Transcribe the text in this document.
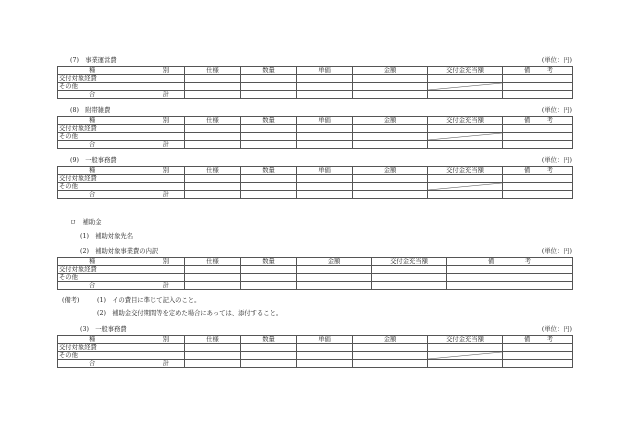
(7)　事業運営費	(単位：円)
種 別	仕様	数量	単価	金額	交付金充当額	備 考

交付対象経費						
その他					

合 計						

(8)　附帯雑費	(単位：円)
種 別	仕様	数量	単価	金額	交付金充当額	備 考

交付対象経費						
その他					

合 計						

(9)　一般事務費	(単位：円)
種 別	仕様	数量	単価	金額	交付金充当額	備 考

交付対象経費						
その他					

合 計						

ロ　補助金
(1)　補助対象先名
(2)　補助対象事業費の内訳	(単位：円)
種 別	仕様	数量	金額	交付金充当額	備 考

交付対象経費					
その他					

合 計					

(備考)	(1)　イの費目に準じて記入のこと。
(2)　補助金交付期間等を定めた場合にあっては、添付すること。
(3)　一般事務費	(単位：円)
種 別	仕様	数量	単価	金額	交付金充当額	備 考

交付対象経費						
その他					

合 計						
